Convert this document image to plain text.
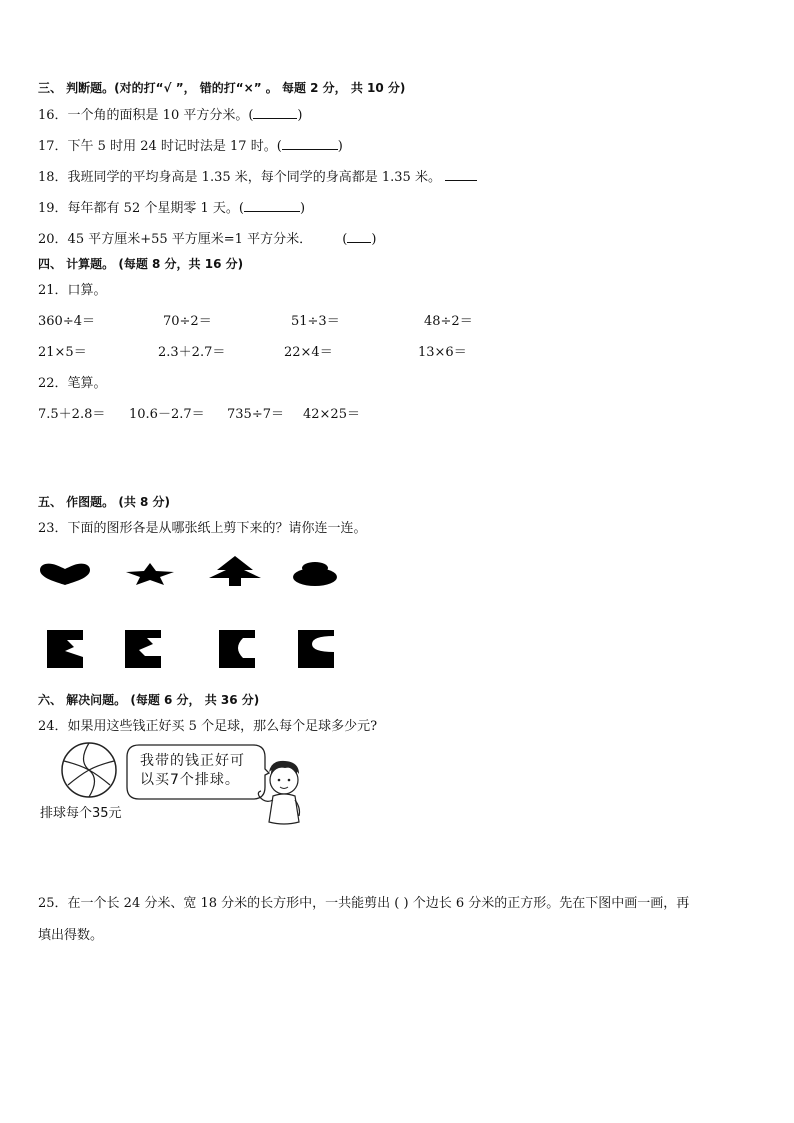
三、 判断题。(对的打“√ ”， 错的打“×” 。 每题 2 分， 共 10 分)
16．一个角的面积是 10 平方分米。(	)
17．下午 5 时用 24 时记时法是 17 时。(	)
18．我班同学的平均身高是 1.35 米，每个同学的身高都是 1.35 米。
19．每年都有 52 个星期零 1 天。(	)
20．45 平方厘米+55 平方厘米=1 平方分米． ( )
四、 计算题。 (每题 8 分，共 16 分)
21．口算。
360÷4＝	70÷2＝	51÷3＝	48÷2＝
21×5＝	2.3＋2.7＝	22×4＝	13×6＝
22．笔算。
7.5＋2.8＝ 10.6－2.7＝ 735÷7＝ 42×25＝
五、 作图题。 (共 8 分)
23．下面的图形各是从哪张纸上剪下来的？请你连一连。
六、 解决问题。 (每题 6 分， 共 36 分)
24．如果用这些钱正好买 5 个足球，那么每个足球多少元?
排球每个35元
我带的钱正好可
以买7个排球。
25．在一个长 24 分米、宽 18 分米的长方形中，一共能剪出 ( ) 个边长 6 分米的正方形。先在下图中画一画，再
填出得数。
